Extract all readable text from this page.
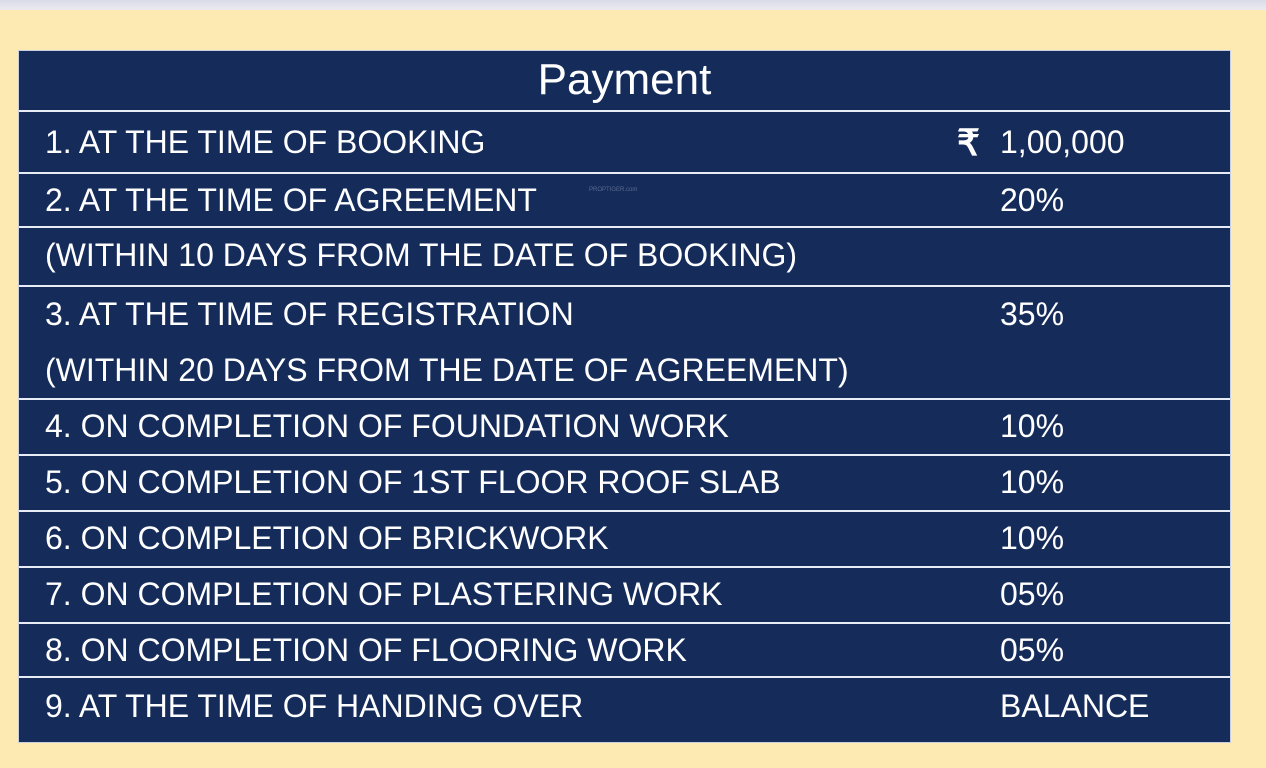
Payment
1. AT THE TIME OF BOOKING	₹ 1,00,000
2. AT THE TIME OF AGREEMENT	20%
(WITHIN 10 DAYS FROM THE DATE OF BOOKING)
3. AT THE TIME OF REGISTRATION	35%
(WITHIN 20 DAYS FROM THE DATE OF AGREEMENT)
4. ON COMPLETION OF FOUNDATION WORK	10%
5. ON COMPLETION OF 1ST FLOOR ROOF SLAB	10%
6. ON COMPLETION OF BRICKWORK	10%
7. ON COMPLETION OF PLASTERING WORK	05%
8. ON COMPLETION OF FLOORING WORK	05%
9. AT THE TIME OF HANDING OVER	BALANCE
PROPTIGER.com
